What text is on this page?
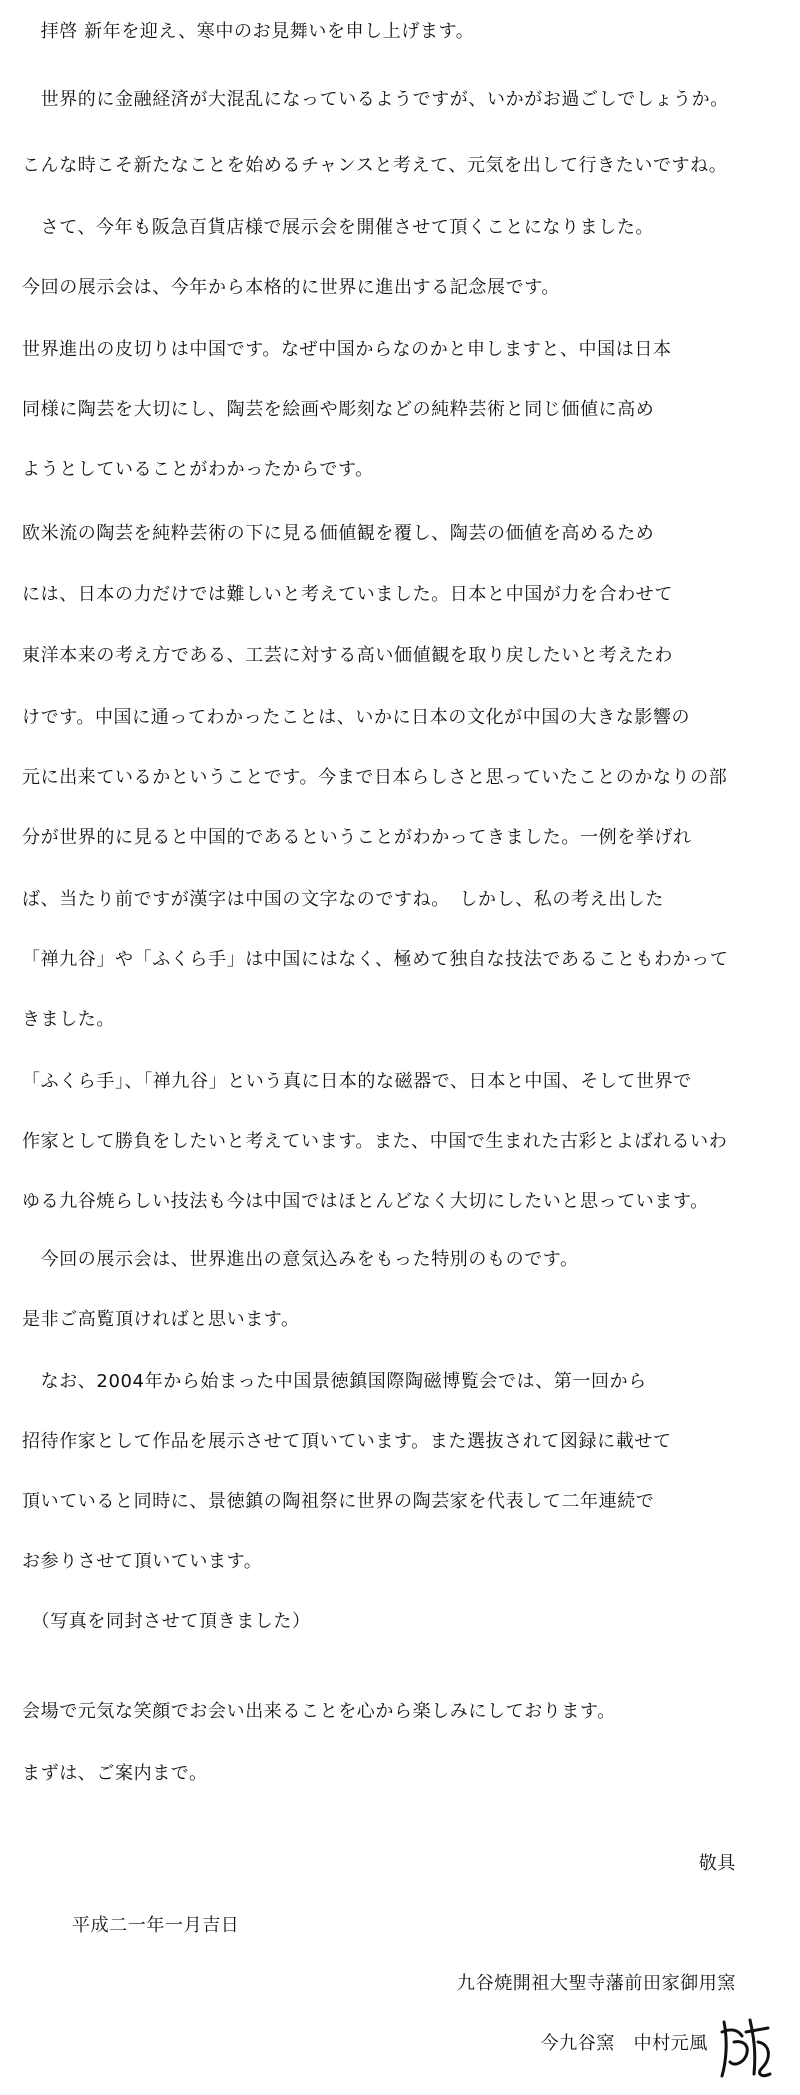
　拝啓 新年を迎え、寒中のお見舞いを申し上げます。
　世界的に金融経済が大混乱になっているようですが、いかがお過ごしでしょうか。
こんな時こそ新たなことを始めるチャンスと考えて、元気を出して行きたいですね。
　さて、今年も阪急百貨店様で展示会を開催させて頂くことになりました。
今回の展示会は、今年から本格的に世界に進出する記念展です。
世界進出の皮切りは中国です。なぜ中国からなのかと申しますと、中国は日本
同様に陶芸を大切にし、陶芸を絵画や彫刻などの純粋芸術と同じ価値に高め
ようとしていることがわかったからです。
欧米流の陶芸を純粋芸術の下に見る価値観を覆し、陶芸の価値を高めるため
には、日本の力だけでは難しいと考えていました。日本と中国が力を合わせて
東洋本来の考え方である、工芸に対する高い価値観を取り戻したいと考えたわ
けです。中国に通ってわかったことは、いかに日本の文化が中国の大きな影響の
元に出来ているかということです。今まで日本らしさと思っていたことのかなりの部
分が世界的に見ると中国的であるということがわかってきました。一例を挙げれ
ば、当たり前ですが漢字は中国の文字なのですね。　しかし、私の考え出した
「禅九谷」や「ふくら手」は中国にはなく、極めて独自な技法であることもわかって
きました。
「ふくら手」、「禅九谷」という真に日本的な磁器で、日本と中国、そして世界で
作家として勝負をしたいと考えています。また、中国で生まれた古彩とよばれるいわ
ゆる九谷焼らしい技法も今は中国ではほとんどなく大切にしたいと思っています。
　今回の展示会は、世界進出の意気込みをもった特別のものです。
是非ご高覧頂ければと思います。
　なお、2004年から始まった中国景徳鎮国際陶磁博覧会では、第一回から
招待作家として作品を展示させて頂いています。また選抜されて図録に載せて
頂いていると同時に、景徳鎮の陶祖祭に世界の陶芸家を代表して二年連続で
お参りさせて頂いています。
　（写真を同封させて頂きました）
会場で元気な笑顔でお会い出来ることを心から楽しみにしております。
まずは、ご案内まで。
敬具
平成二一年一月吉日
九谷焼開祖大聖寺藩前田家御用窯
今九谷窯　中村元風
